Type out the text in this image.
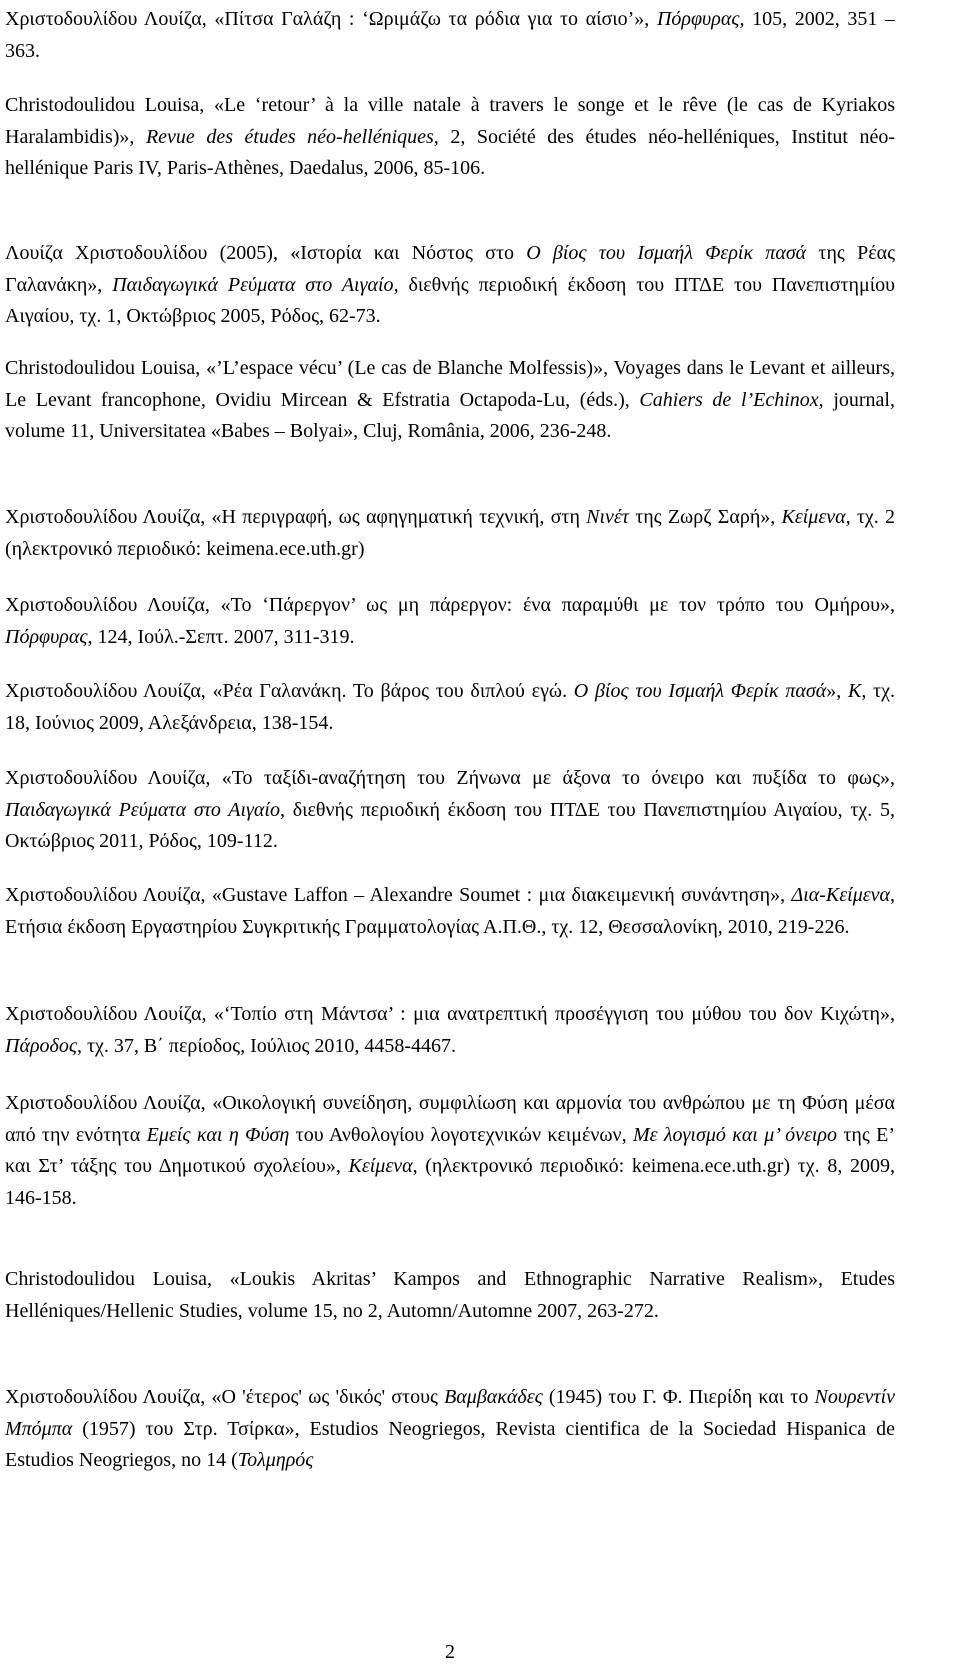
Χριστοδουλίδου Λουίζα, «Πίτσα Γαλάζη : ‘Ωριμάζω τα ρόδια για το αίσιο’», Πόρφυρας, 105, 2002, 351 – 363.

Christodoulidou Louisa, «Le ‘retour’ à la ville natale à travers le songe et le rêve (le cas de Kyriakos Haralambidis)», Revue des études néo-helléniques, 2, Société des études néo-helléniques, Institut néo-hellénique Paris IV, Paris-Athènes, Daedalus, 2006, 85-106.

Λουίζα Χριστοδουλίδου (2005), «Ιστορία και Νόστος στο Ο βίος του Ισμαήλ Φερίκ πασά της Ρέας Γαλανάκη», Παιδαγωγικά Ρεύματα στο Αιγαίο, διεθνής περιοδική έκδοση του ΠΤΔΕ του Πανεπιστημίου Αιγαίου, τχ. 1, Οκτώβριος 2005, Ρόδος, 62-73.

Christodoulidou Louisa, «’L’espace vécu’ (Le cas de Blanche Molfessis)», Voyages dans le Levant et ailleurs, Le Levant francophone, Ovidiu Mircean & Efstratia Octapoda-Lu, (éds.), Cahiers de l’Echinox, journal, volume 11, Universitatea «Babes – Bolyai», Cluj, România, 2006, 236-248.

Χριστοδουλίδου Λουίζα, «Η περιγραφή, ως αφηγηματική τεχνική, στη Νινέτ της Ζωρζ Σαρή», Κείμενα, τχ. 2 (ηλεκτρονικό περιοδικό: keimena.ece.uth.gr)

Χριστοδουλίδου Λουίζα, «Το ‘Πάρεργον’ ως μη πάρεργον: ένα παραμύθι με τον τρόπο του Ομήρου», Πόρφυρας, 124, Ιούλ.-Σεπτ. 2007, 311-319.

Χριστοδουλίδου Λουίζα, «Ρέα Γαλανάκη. Το βάρος του διπλού εγώ. Ο βίος του Ισμαήλ Φερίκ πασά», Κ, τχ. 18, Ιούνιος 2009, Αλεξάνδρεια, 138-154.

Χριστοδουλίδου Λουίζα, «Το ταξίδι-αναζήτηση του Ζήνωνα με άξονα το όνειρο και πυξίδα το φως», Παιδαγωγικά Ρεύματα στο Αιγαίο, διεθνής περιοδική έκδοση του ΠΤΔΕ του Πανεπιστημίου Αιγαίου, τχ. 5, Οκτώβριος 2011, Ρόδος, 109-112.

Χριστοδουλίδου Λουίζα, «Gustave Laffon – Alexandre Soumet : μια διακειμενική συνάντηση», Δια-Κείμενα, Ετήσια έκδοση Εργαστηρίου Συγκριτικής Γραμματολογίας Α.Π.Θ., τχ. 12, Θεσσαλονίκη, 2010, 219-226.

Χριστοδουλίδου Λουίζα, «‘Τοπίο στη Μάντσα’ : μια ανατρεπτική προσέγγιση του μύθου του δον Κιχώτη», Πάροδος, τχ. 37, Β΄ περίοδος, Ιούλιος 2010, 4458-4467.

Χριστοδουλίδου Λουίζα, «Οικολογική συνείδηση, συμφιλίωση και αρμονία του ανθρώπου με τη Φύση μέσα από την ενότητα Εμείς και η Φύση του Ανθολογίου λογοτεχνικών κειμένων, Με λογισμό και μ’ όνειρο της Ε’ και Στ’ τάξης του Δημοτικού σχολείου», Κείμενα, (ηλεκτρονικό περιοδικό: keimena.ece.uth.gr) τχ. 8, 2009, 146-158.

Christodoulidou Louisa, «Loukis Akritas’ Kampos and Ethnographic Narrative Realism», Etudes Helléniques/Hellenic Studies, volume 15, no 2, Automn/Automne 2007, 263-272.

Χριστοδουλίδου Λουίζα, «Ο 'έτερος' ως 'δικός' στους Βαμβακάδες (1945) του Γ. Φ. Πιερίδη και το Νουρεντίν Μπόμπα (1957) του Στρ. Τσίρκα», Estudios Neogriegos, Revista cientifica de la Sociedad Hispanica de Estudios Neogriegos, no 14 (Τολμηρός

2
